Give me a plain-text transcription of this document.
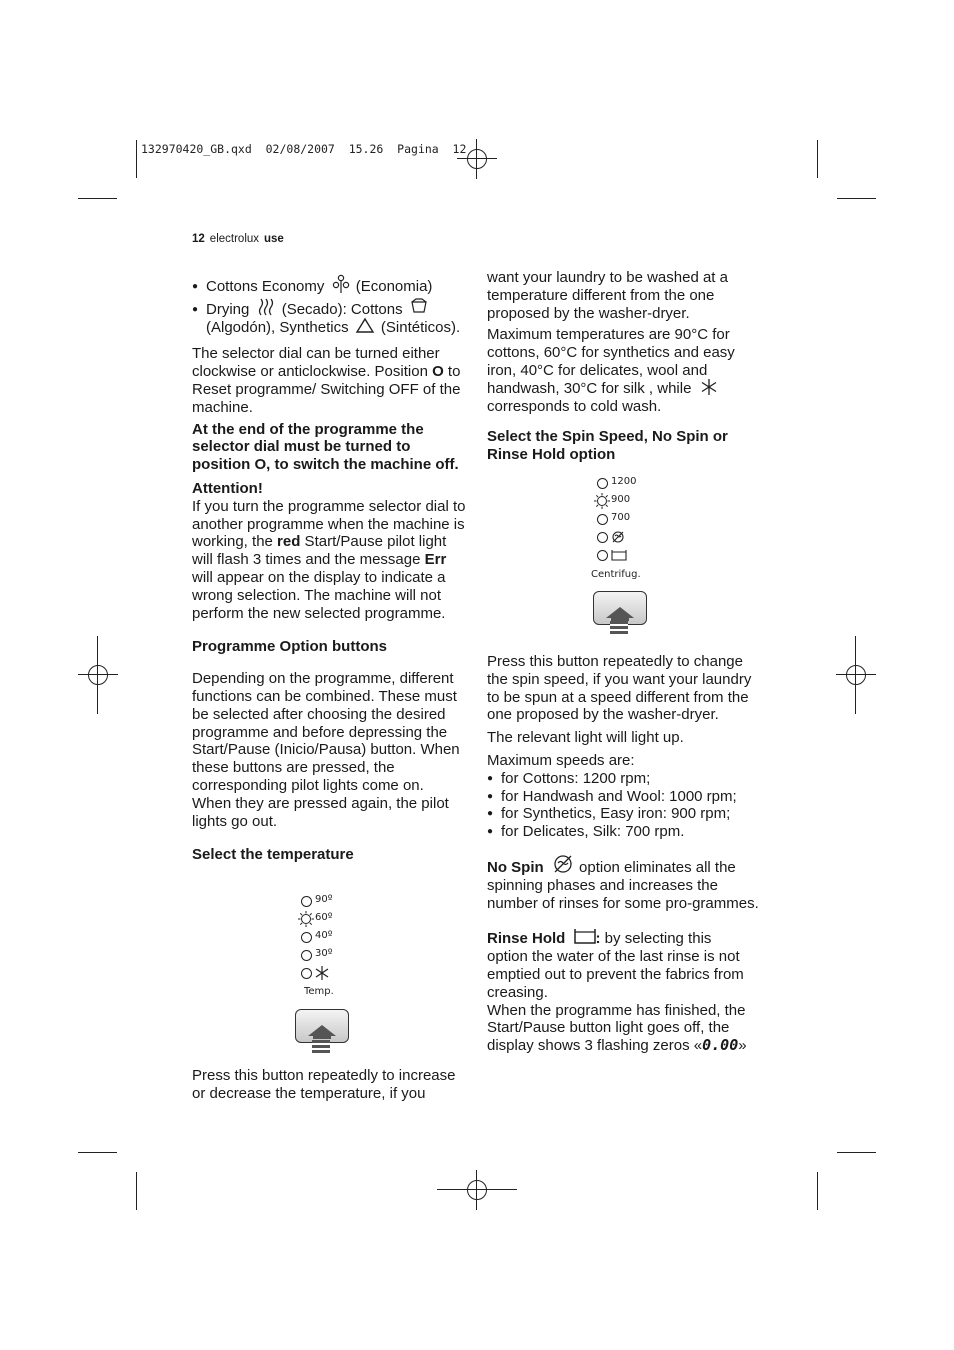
132970420_GB.qxd  02/08/2007  15.26  Pagina  12
12 electrolux use

● Cottons Economy (Economia)

● Drying (Secado): Cottons
(Algodón), Synthetics (Sintéticos).

The selector dial can be turned either clockwise or anticlockwise. Position O to Reset programme/ Switching OFF of the machine.

At the end of the programme the selector dial must be turned to position O, to switch the machine off.

Attention!

If you turn the programme selector dial to another programme when the machine is working, the red Start/Pause pilot light will flash 3 times and the message Err will appear on the display to indicate a wrong selection. The machine will not perform the new selected programme.

Programme Option buttons

Depending on the programme, different functions can be combined. These must be selected after choosing the desired programme and before depressing the Start/Pause (Inicio/Pausa) button. When these buttons are pressed, the corresponding pilot lights come on. When they are pressed again, the pilot lights go out.

Select the temperature

90º
60º
40º
30º
Temp.
Press this button repeatedly to increase or decrease the temperature, if you

want your laundry to be washed at a temperature different from the one proposed by the washer-dryer.

Maximum temperatures are 90°C for cottons, 60°C for synthetics and easy iron, 40°C for delicates, wool and handwash, 30°C for silk , while
corresponds to cold wash.

Select the Spin Speed, No Spin or Rinse Hold option

1200
900
700
Centrifug.

Press this button repeatedly to change the spin speed, if you want your laundry to be spun at a speed different from the one proposed by the washer-dryer.

The relevant light will light up.

Maximum speeds are:

● for Cottons: 1200 rpm;

● for Handwash and Wool: 1000 rpm;

● for Synthetics, Easy iron: 900 rpm;

● for Delicates, Silk: 700 rpm.

No Spin  option eliminates all the
spinning phases and increases the number of rinses for some pro-grammes.

Rinse Hold : by selecting this
option the water of the last rinse is not emptied out to prevent the fabrics from creasing.

When the programme has finished, the Start/Pause button light goes off, the display shows 3 flashing zeros «0.00»
